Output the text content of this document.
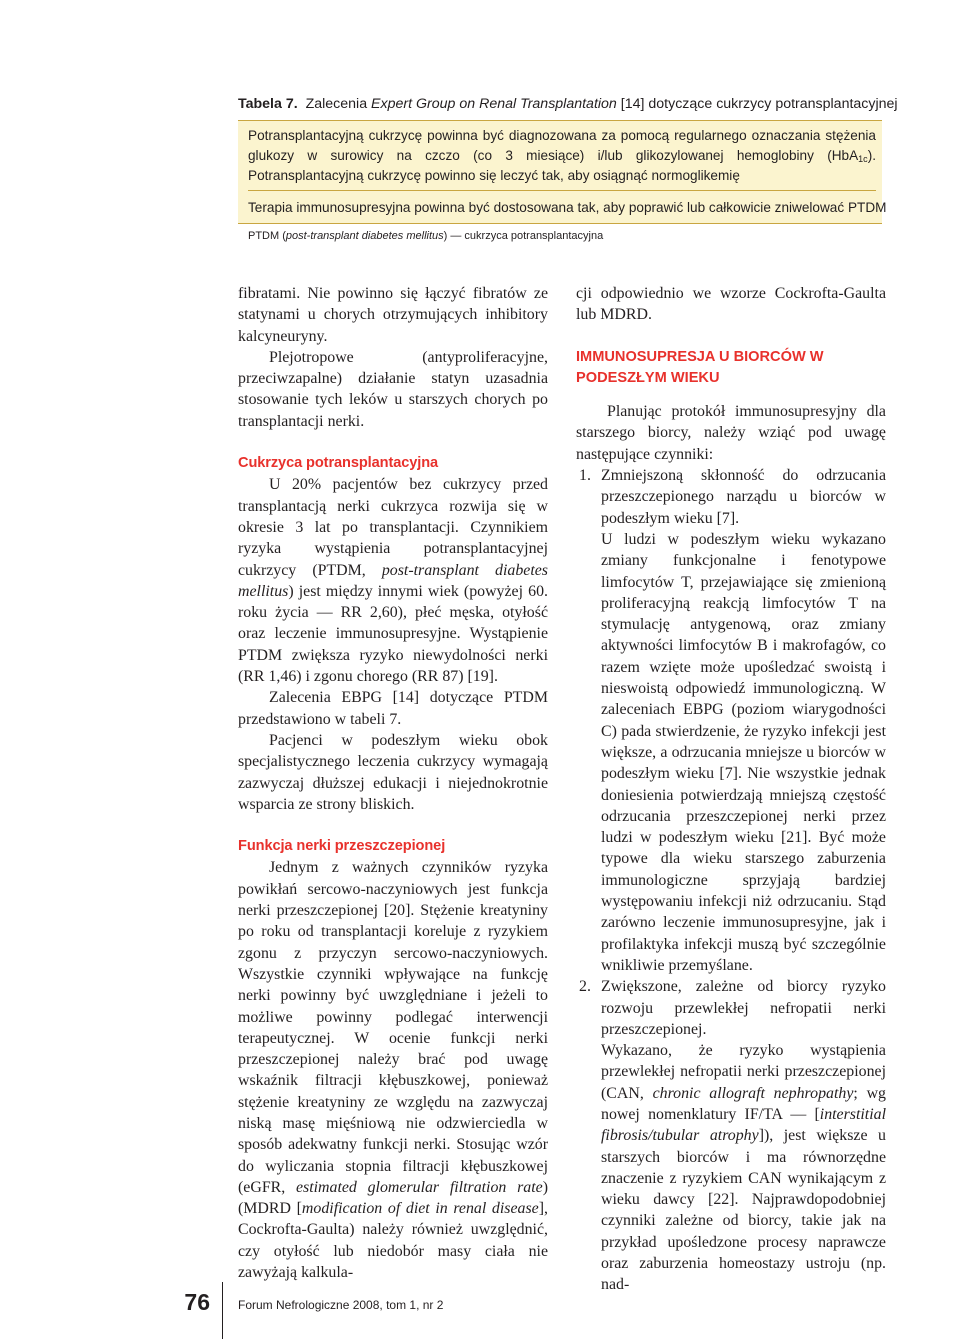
Tabela 7. Zalecenia Expert Group on Renal Transplantation [14] dotyczące cukrzycy potransplantacyjnej
Potransplantacyjną cukrzycę powinna być diagnozowana za pomocą regularnego oznaczania stężenia glukozy w surowicy na czczo (co 3 miesiące) i/lub glikozylowanej hemoglobiny (HbA$_{1c}$). Potransplantacyjną cukrzycę powinno się leczyć tak, aby osiągnąć normoglikemię
Terapia immunosupresyjna powinna być dostosowana tak, aby poprawić lub całkowicie zniwelować PTDM
PTDM (post-transplant diabetes mellitus) — cukrzyca potransplantacyjna

fibratami. Nie powinno się łączyć fibratów ze statynami u chorych otrzymujących inhibitory kalcyneuryny.

Plejotropowe (antyproliferacyjne, przeciwzapalne) działanie statyn uzasadnia stosowanie tych leków u starszych chorych po transplantacji nerki.

Cukrzyca potransplantacyjna

U 20% pacjentów bez cukrzycy przed transplantacją nerki cukrzyca rozwija się w okresie 3 lat po transplantacji. Czynnikiem ryzyka wystąpienia potransplantacyjnej cukrzycy (PTDM, post-transplant diabetes mellitus) jest między innymi wiek (powyżej 60. roku życia — RR 2,60), płeć męska, otyłość oraz leczenie immunosupresyjne. Wystąpienie PTDM zwiększa ryzyko niewydolności nerki (RR 1,46) i zgonu chorego (RR 87) [19].

Zalecenia EBPG [14] dotyczące PTDM przedstawiono w tabeli 7.

Pacjenci w podeszłym wieku obok specjalistycznego leczenia cukrzycy wymagają zazwyczaj dłuższej edukacji i niejednokrotnie wsparcia ze strony bliskich.

Funkcja nerki przeszczepionej

Jednym z ważnych czynników ryzyka powikłań sercowo-naczyniowych jest funkcja nerki przeszczepionej [20]. Stężenie kreatyniny po roku od transplantacji koreluje z ryzykiem zgonu z przyczyn sercowo-naczyniowych. Wszystkie czynniki wpływające na funkcję nerki powinny być uwzględniane i jeżeli to możliwe powinny podlegać interwencji terapeutycznej. W ocenie funkcji nerki przeszczepionej należy brać pod uwagę wskaźnik filtracji kłębuszkowej, ponieważ stężenie kreatyniny ze względu na zazwyczaj niską masę mięśniową nie odzwierciedla w sposób adekwatny funkcji nerki. Stosując wzór do wyliczania stopnia filtracji kłębuszkowej (eGFR, estimated glomerular filtration rate) (MDRD [modification of diet in renal disease], Cockrofta-Gaulta) należy również uwzględnić, czy otyłość lub niedobór masy ciała nie zawyżają kalkula-

cji odpowiednio we wzorze Cockrofta-Gaulta lub MDRD.

IMMUNOSUPRESJA U BIORCÓW W PODESZŁYM WIEKU

Planując protokół immunosupresyjny dla starszego biorcy, należy wziąć pod uwagę następujące czynniki:

1. Zmniejszoną skłonność do odrzucania przeszczepionego narządu u biorców w podeszłym wieku [7].

U ludzi w podeszłym wieku wykazano zmiany funkcjonalne i fenotypowe limfocytów T, przejawiające się zmienioną proliferacyjną reakcją limfocytów T na stymulację antygenową, oraz zmiany aktywności limfocytów B i makrofagów, co razem wzięte może upośledzać swoistą i nieswoistą odpowiedź immunologiczną. W zaleceniach EBPG (poziom wiarygodności C) pada stwierdzenie, że ryzyko infekcji jest większe, a odrzucania mniejsze u biorców w podeszłym wieku [7]. Nie wszystkie jednak doniesienia potwierdzają mniejszą częstość odrzucania przeszczepionej nerki przez ludzi w podeszłym wieku [21]. Być może typowe dla wieku starszego zaburzenia immunologiczne sprzyjają bardziej występowaniu infekcji niż odrzucaniu. Stąd zarówno leczenie immunosupresyjne, jak i profilaktyka infekcji muszą być szczególnie wnikliwie przemyślane.

2. Zwiększone, zależne od biorcy ryzyko rozwoju przewlekłej nefropatii nerki przeszczepionej.

Wykazano, że ryzyko wystąpienia przewlekłej nefropatii nerki przeszczepionej (CAN, chronic allograft nephropathy; wg nowej nomenklatury IF/TA — [interstitial fibrosis/tubular atrophy]), jest większe u starszych biorców i ma równorzędne znaczenie z ryzykiem CAN wynikającym z wieku dawcy [22]. Najprawdopodobniej czynniki zależne od biorcy, takie jak na przykład upośledzone procesy naprawcze oraz zaburzenia homeostazy ustroju (np. nad-

76 Forum Nefrologiczne 2008, tom 1, nr 2
